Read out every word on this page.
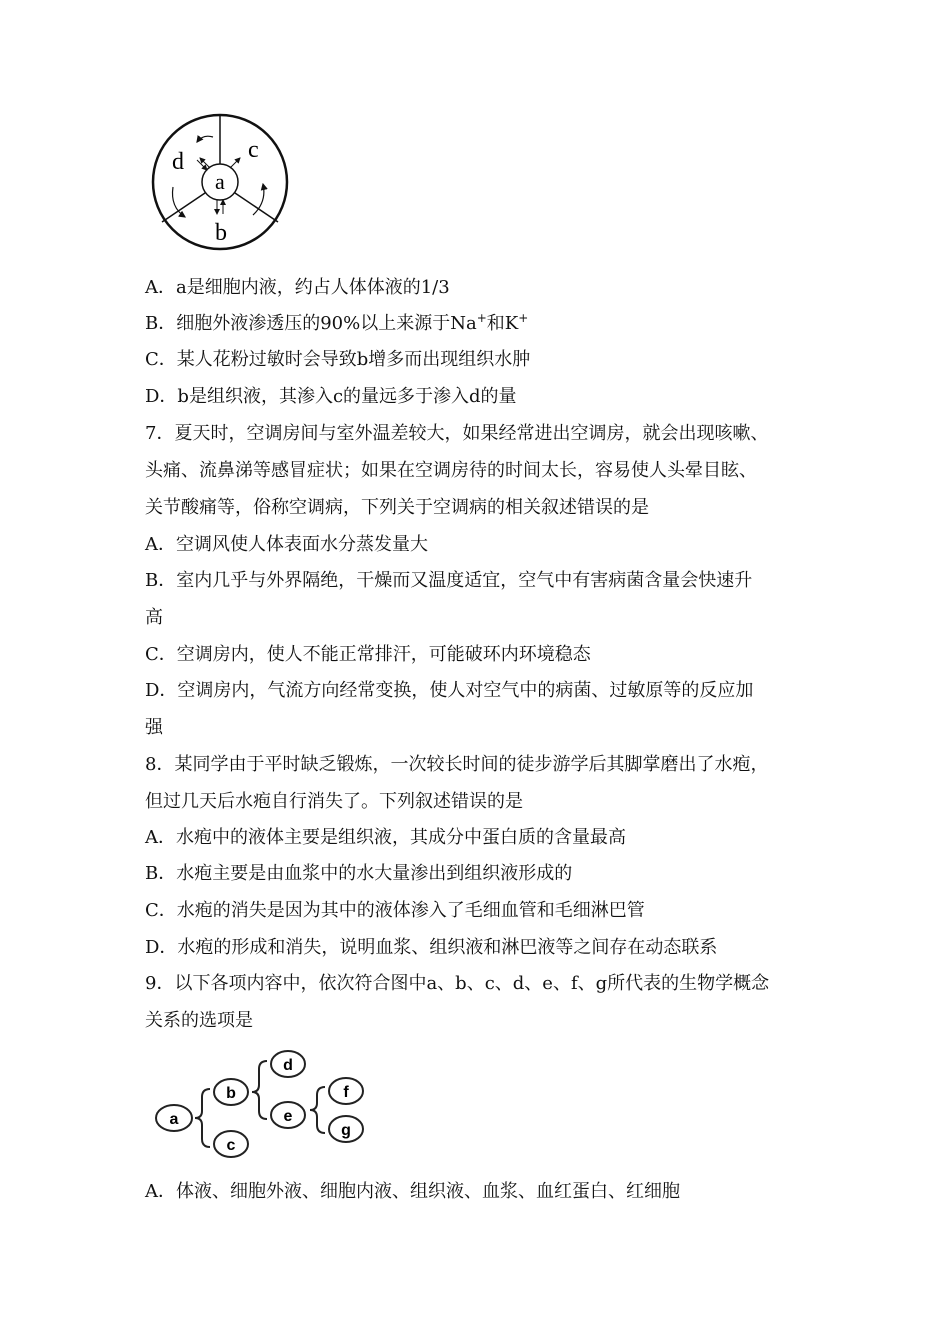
a
b
c
d
A．a是细胞内液，约占人体体液的1/3
B．细胞外液渗透压的90%以上来源于Na+和K+
C．某人花粉过敏时会导致b增多而出现组织水肿
D．b是组织液，其渗入c的量远多于渗入d的量
7．夏天时，空调房间与室外温差较大，如果经常进出空调房，就会出现咳嗽、
头痛、流鼻涕等感冒症状；如果在空调房待的时间太长，容易使人头晕目眩、
关节酸痛等，俗称空调病，下列关于空调病的相关叙述错误的是
A．空调风使人体表面水分蒸发量大
B．室内几乎与外界隔绝，干燥而又温度适宜，空气中有害病菌含量会快速升
高
C．空调房内，使人不能正常排汗，可能破环内环境稳态
D．空调房内，气流方向经常变换，使人对空气中的病菌、过敏原等的反应加
强
8．某同学由于平时缺乏锻炼，一次较长时间的徒步游学后其脚掌磨出了水疱，
但过几天后水疱自行消失了。下列叙述错误的是
A．水疱中的液体主要是组织液，其成分中蛋白质的含量最高
B．水疱主要是由血浆中的水大量渗出到组织液形成的
C．水疱的消失是因为其中的液体渗入了毛细血管和毛细淋巴管
D．水疱的形成和消失，说明血浆、组织液和淋巴液等之间存在动态联系
9．以下各项内容中，依次符合图中a、b、c、d、e、f、g所代表的生物学概念
关系的选项是
a
b
c
d
e
f
g
A．体液、细胞外液、细胞内液、组织液、血浆、血红蛋白、红细胞
